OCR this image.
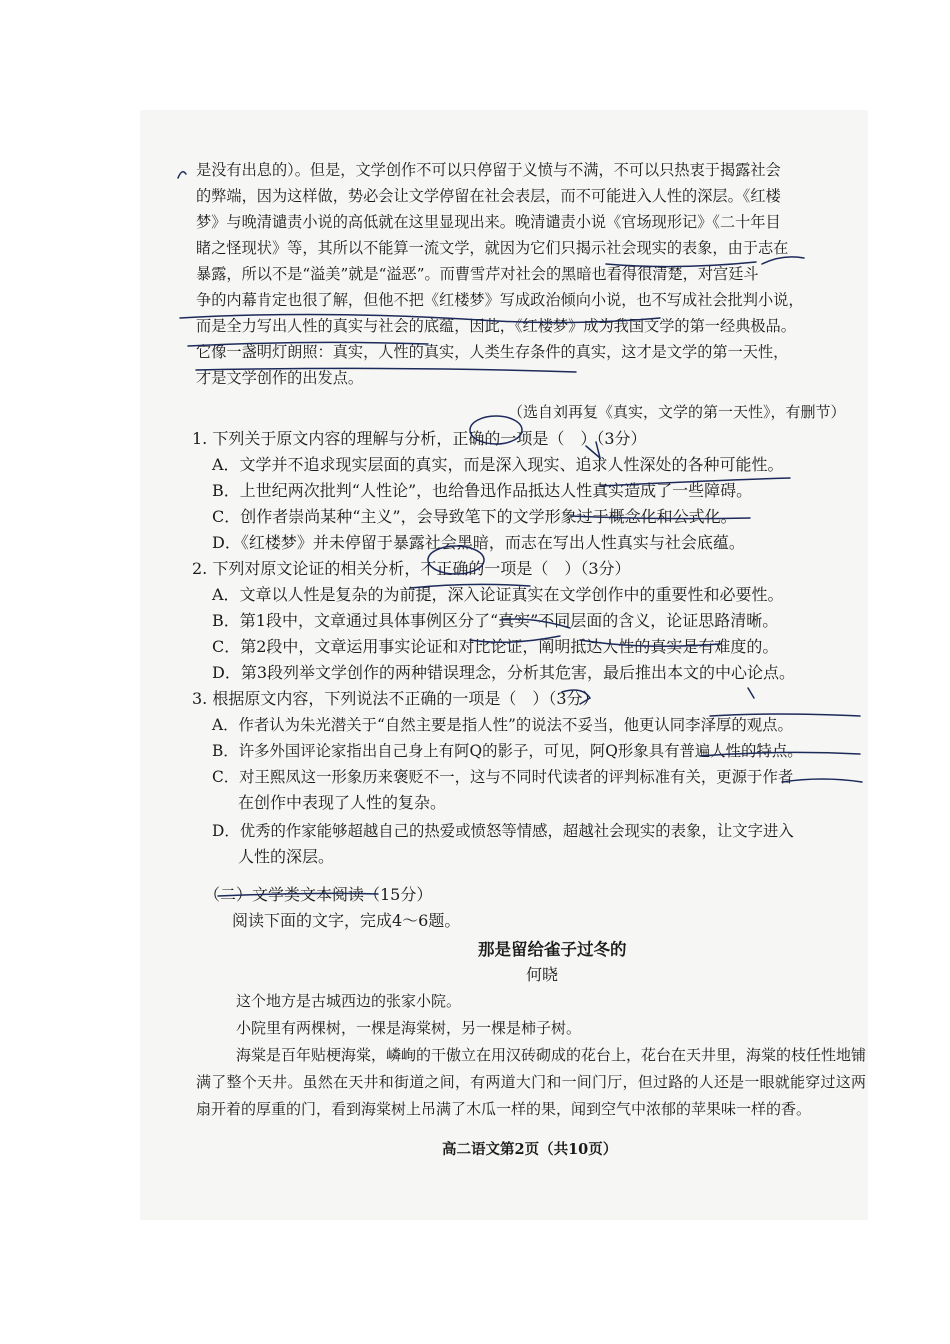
是没有出息的）。但是，文学创作不可以只停留于义愤与不满，不可以只热衷于揭露社会
的弊端，因为这样做，势必会让文学停留在社会表层，而不可能进入人性的深层。《红楼
梦》与晚清谴责小说的高低就在这里显现出来。晚清谴责小说《官场现形记》《二十年目
睹之怪现状》等，其所以不能算一流文学，就因为它们只揭示社会现实的表象，由于志在
暴露，所以不是“溢美”就是“溢恶”。而曹雪芹对社会的黑暗也看得很清楚，对宫廷斗
争的内幕肯定也很了解，但他不把《红楼梦》写成政治倾向小说，也不写成社会批判小说，
而是全力写出人性的真实与社会的底蕴，因此，《红楼梦》成为我国文学的第一经典极品。
它像一盏明灯朗照：真实，人性的真实，人类生存条件的真实，这才是文学的第一天性，
才是文学创作的出发点。
（选自刘再复《真实，文学的第一天性》，有删节）
1. 下列关于原文内容的理解与分析，正确的一项是（　）（3分）
A．文学并不追求现实层面的真实，而是深入现实、追求人性深处的各种可能性。
B．上世纪两次批判“人性论”，也给鲁迅作品抵达人性真实造成了一些障碍。
C．创作者崇尚某种“主义”，会导致笔下的文学形象过于概念化和公式化。
D．《红楼梦》并未停留于暴露社会黑暗，而志在写出人性真实与社会底蕴。
2. 下列对原文论证的相关分析，不正确的一项是（　）（3分）
A．文章以人性是复杂的为前提，深入论证真实在文学创作中的重要性和必要性。
B．第1段中，文章通过具体事例区分了“真实”不同层面的含义，论证思路清晰。
C．第2段中，文章运用事实论证和对比论证，阐明抵达人性的真实是有难度的。
D．第3段列举文学创作的两种错误理念，分析其危害，最后推出本文的中心论点。
3. 根据原文内容，下列说法不正确的一项是（　）（3分）
A．作者认为朱光潜关于“自然主要是指人性”的说法不妥当，他更认同李泽厚的观点。
B．许多外国评论家指出自己身上有阿Q的影子，可见，阿Q形象具有普遍人性的特点。
C．对王熙凤这一形象历来褒贬不一，这与不同时代读者的评判标准有关，更源于作者
在创作中表现了人性的复杂。
D．优秀的作家能够超越自己的热爱或愤怒等情感，超越社会现实的表象，让文字进入
人性的深层。
（二）文学类文本阅读（15分）
阅读下面的文字，完成4～6题。
那是留给雀子过冬的
何晓
这个地方是古城西边的张家小院。
小院里有两棵树，一棵是海棠树，另一棵是柿子树。
海棠是百年贴梗海棠，嶙峋的干傲立在用汉砖砌成的花台上，花台在天井里，海棠的枝任性地铺满了整个天井。虽然在天井和街道之间，有两道大门和一间门厅，但过路的人还是一眼就能穿过这两扇开着的厚重的门，看到海棠树上吊满了木瓜一样的果，闻到空气中浓郁的苹果味一样的香。
高二语文第2页（共10页）
